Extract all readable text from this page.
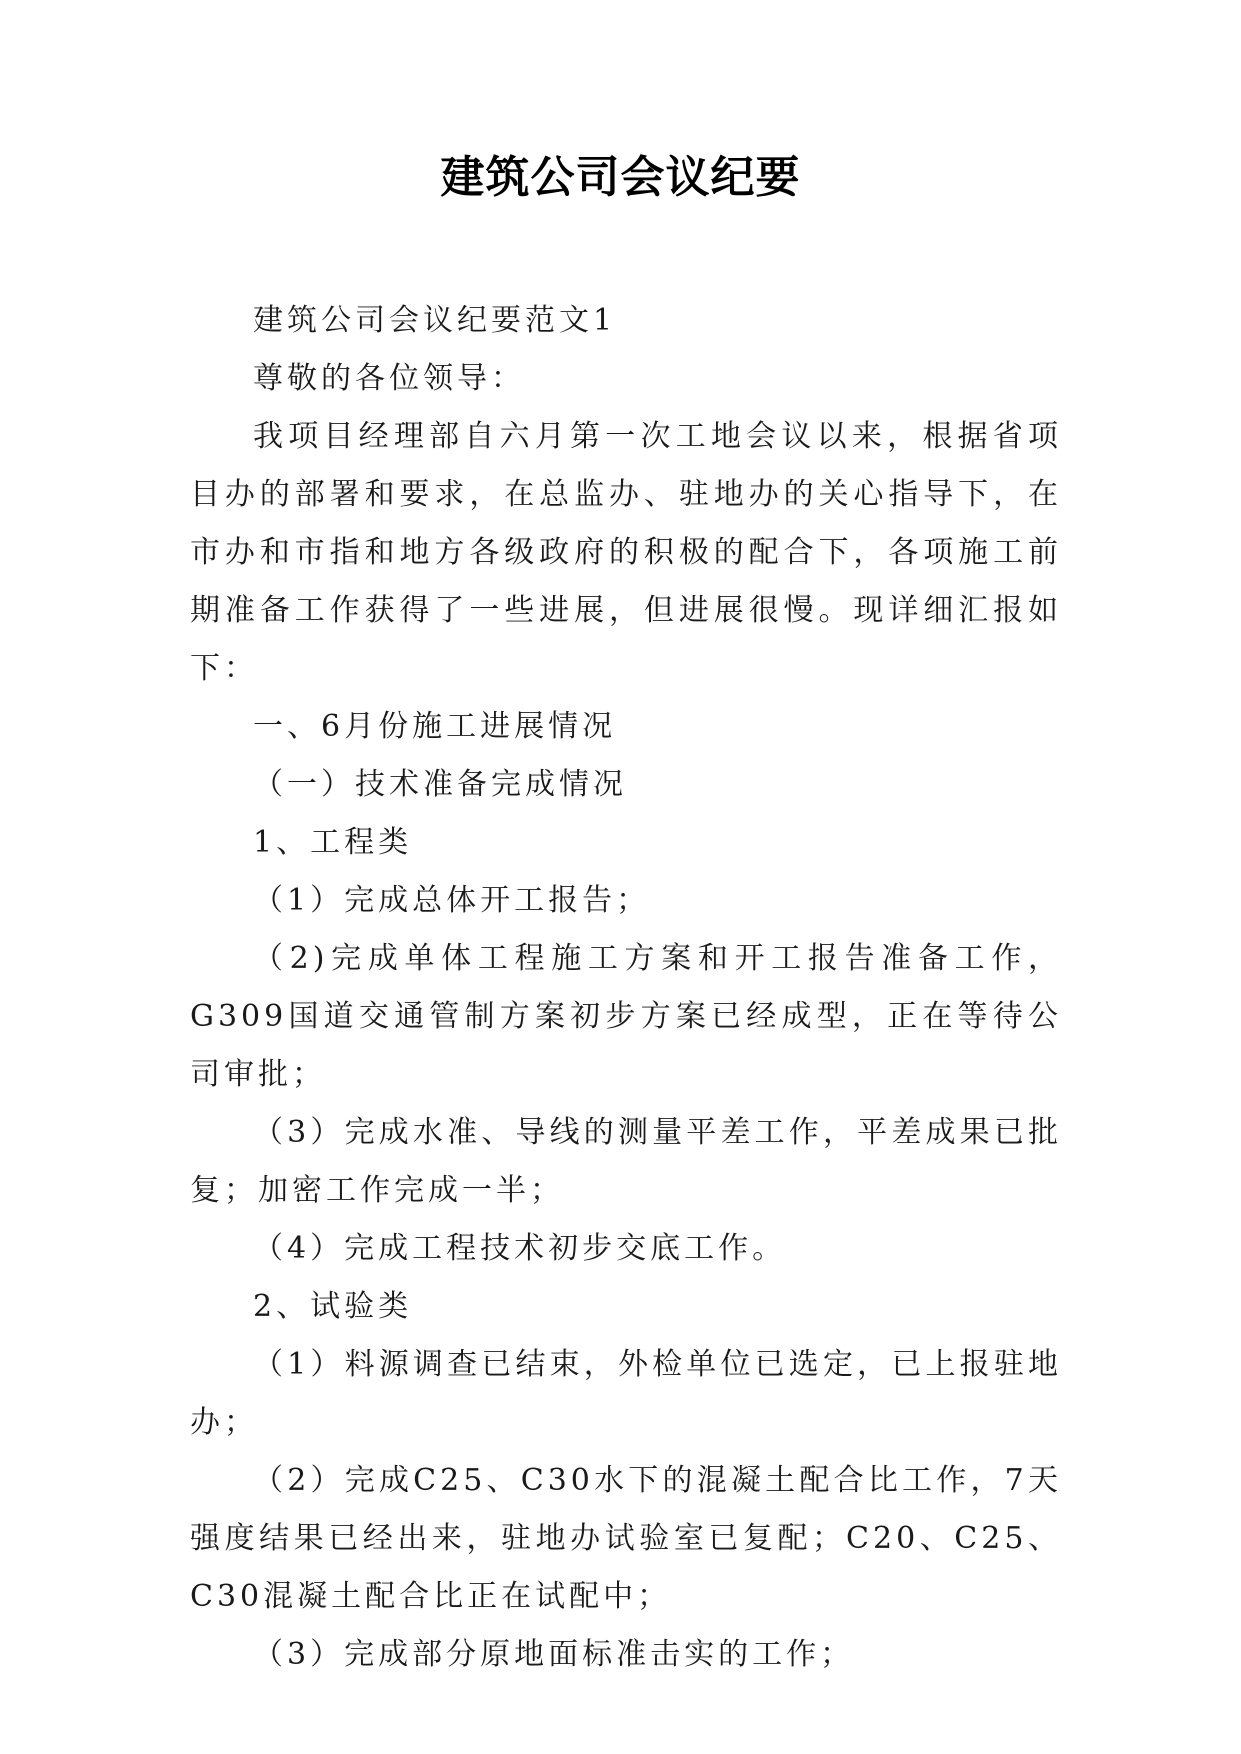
建筑公司会议纪要

建筑公司会议纪要范文1

尊敬的各位领导：

我项目经理部自六月第一次工地会议以来，根据省项目办的部署和要求，在总监办、驻地办的关心指导下，在市办和市指和地方各级政府的积极的配合下，各项施工前期准备工作获得了一些进展，但进展很慢。现详细汇报如下：

一、6月份施工进展情况

（一）技术准备完成情况

1、工程类

（1）完成总体开工报告；

（2)完成单体工程施工方案和开工报告准备工作，G309国道交通管制方案初步方案已经成型，正在等待公司审批；

（3）完成水准、导线的测量平差工作，平差成果已批复；加密工作完成一半；

（4）完成工程技术初步交底工作。

2、试验类

（1）料源调查已结束，外检单位已选定，已上报驻地办；

（2）完成C25、C30水下的混凝土配合比工作，7天强度结果已经出来，驻地办试验室已复配；C20、C25、C30混凝土配合比正在试配中；

（3）完成部分原地面标准击实的工作；
